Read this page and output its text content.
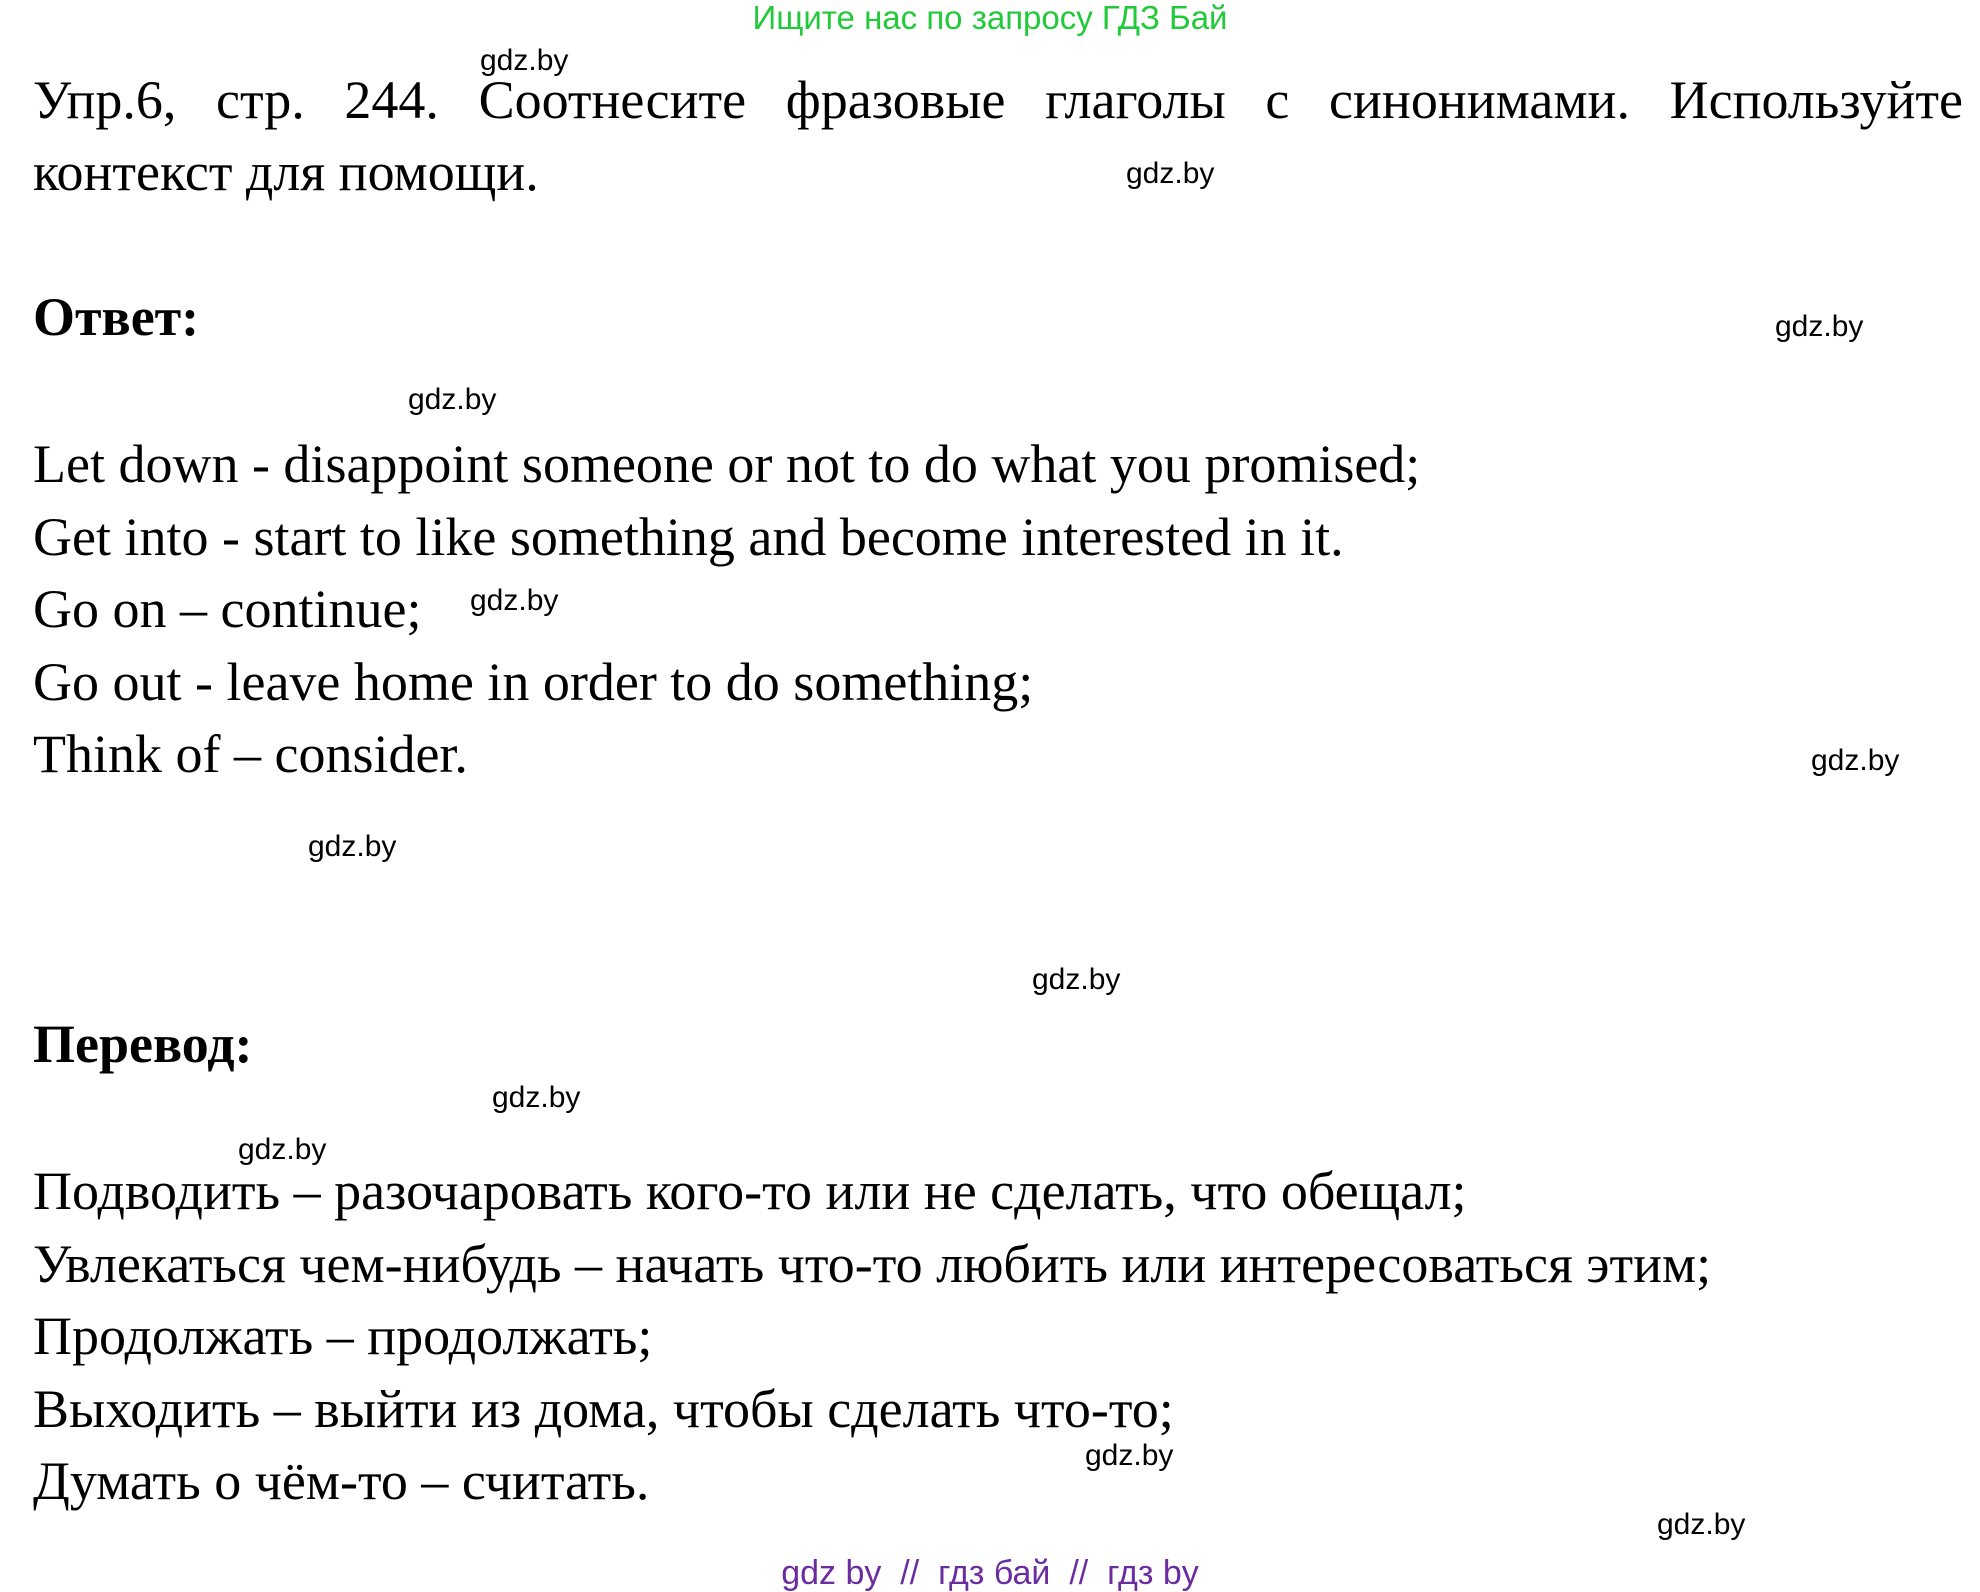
Ищите нас по запросу ГДЗ Бай
Упр.6, стр. 244. Соотнесите фразовые глаголы с синонимами. Используйте контекст для помощи.
Ответ:
Let down - disappoint someone or not to do what you promised;
Get into - start to like something and become interested in it.
Go on – continue;
Go out - leave home in order to do something;
Think of – consider.
Перевод:
Подводить – разочаровать кого-то или не сделать, что обещал;
Увлекаться чем-нибудь – начать что-то любить или интересоваться этим;
Продолжать – продолжать;
Выходить – выйти из дома, чтобы сделать что-то;
Думать о чём-то – считать.
gdz.by
gdz.by
gdz.by
gdz.by
gdz.by
gdz.by
gdz.by
gdz.by
gdz.by
gdz.by
gdz.by
gdz.by
gdz by  //  гдз бай  //  гдз by
